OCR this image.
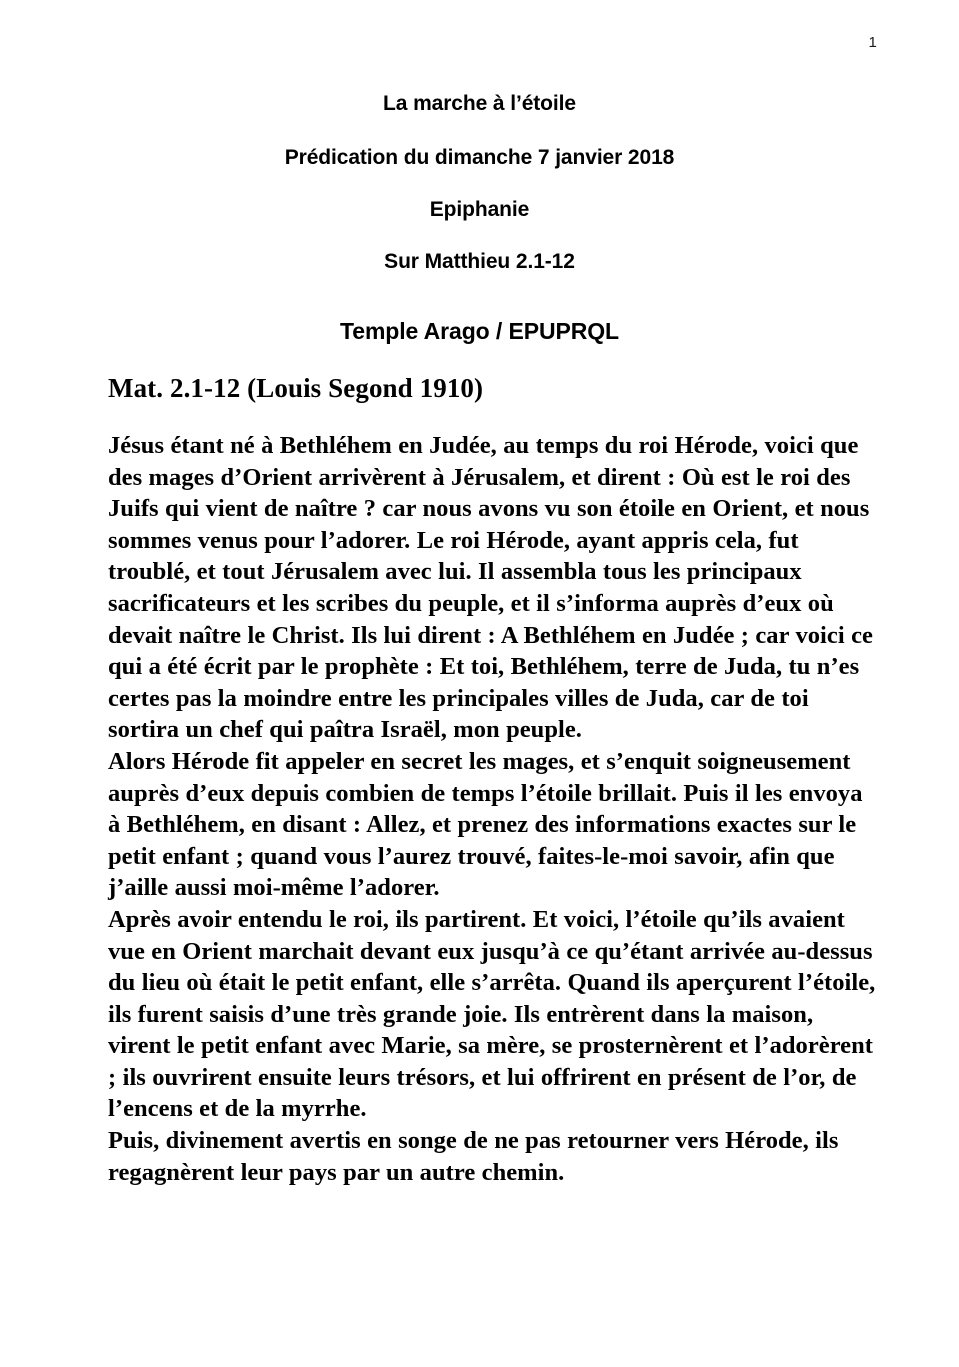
1
La marche à l’étoile
Prédication du dimanche 7 janvier 2018
Epiphanie
Sur Matthieu 2.1-12
Temple Arago / EPUPRQL
Mat. 2.1-12 (Louis Segond 1910)

Jésus étant né à Bethléhem en Judée, au temps du roi Hérode, voici que des mages d’Orient arrivèrent à Jérusalem, et dirent : Où est le roi des Juifs qui vient de naître ? car nous avons vu son étoile en Orient, et nous sommes venus pour l’adorer. Le roi Hérode, ayant appris cela, fut troublé, et tout Jérusalem avec lui. Il assembla tous les principaux sacrificateurs et les scribes du peuple, et il s’informa auprès d’eux où devait naître le Christ. Ils lui dirent : A Bethléhem en Judée ; car voici ce qui a été écrit par le prophète : Et toi, Bethléhem, terre de Juda, tu n’es certes pas la moindre entre les principales villes de Juda, car de toi sortira un chef qui paîtra Israël, mon peuple.

Alors Hérode fit appeler en secret les mages, et s’enquit soigneusement auprès d’eux depuis combien de temps l’étoile brillait. Puis il les envoya à Bethléhem, en disant : Allez, et prenez des informations exactes sur le petit enfant ; quand vous l’aurez trouvé, faites-le-moi savoir, afin que j’aille aussi moi-même l’adorer.

Après avoir entendu le roi, ils partirent. Et voici, l’étoile qu’ils avaient vue en Orient marchait devant eux jusqu’à ce qu’étant arrivée au-dessus du lieu où était le petit enfant, elle s’arrêta. Quand ils aperçurent l’étoile, ils furent saisis d’une très grande joie. Ils entrèrent dans la maison, virent le petit enfant avec Marie, sa mère, se prosternèrent et l’adorèrent ; ils ouvrirent ensuite leurs trésors, et lui offrirent en présent de l’or, de l’encens et de la myrrhe.

Puis, divinement avertis en songe de ne pas retourner vers Hérode, ils regagnèrent leur pays par un autre chemin.
